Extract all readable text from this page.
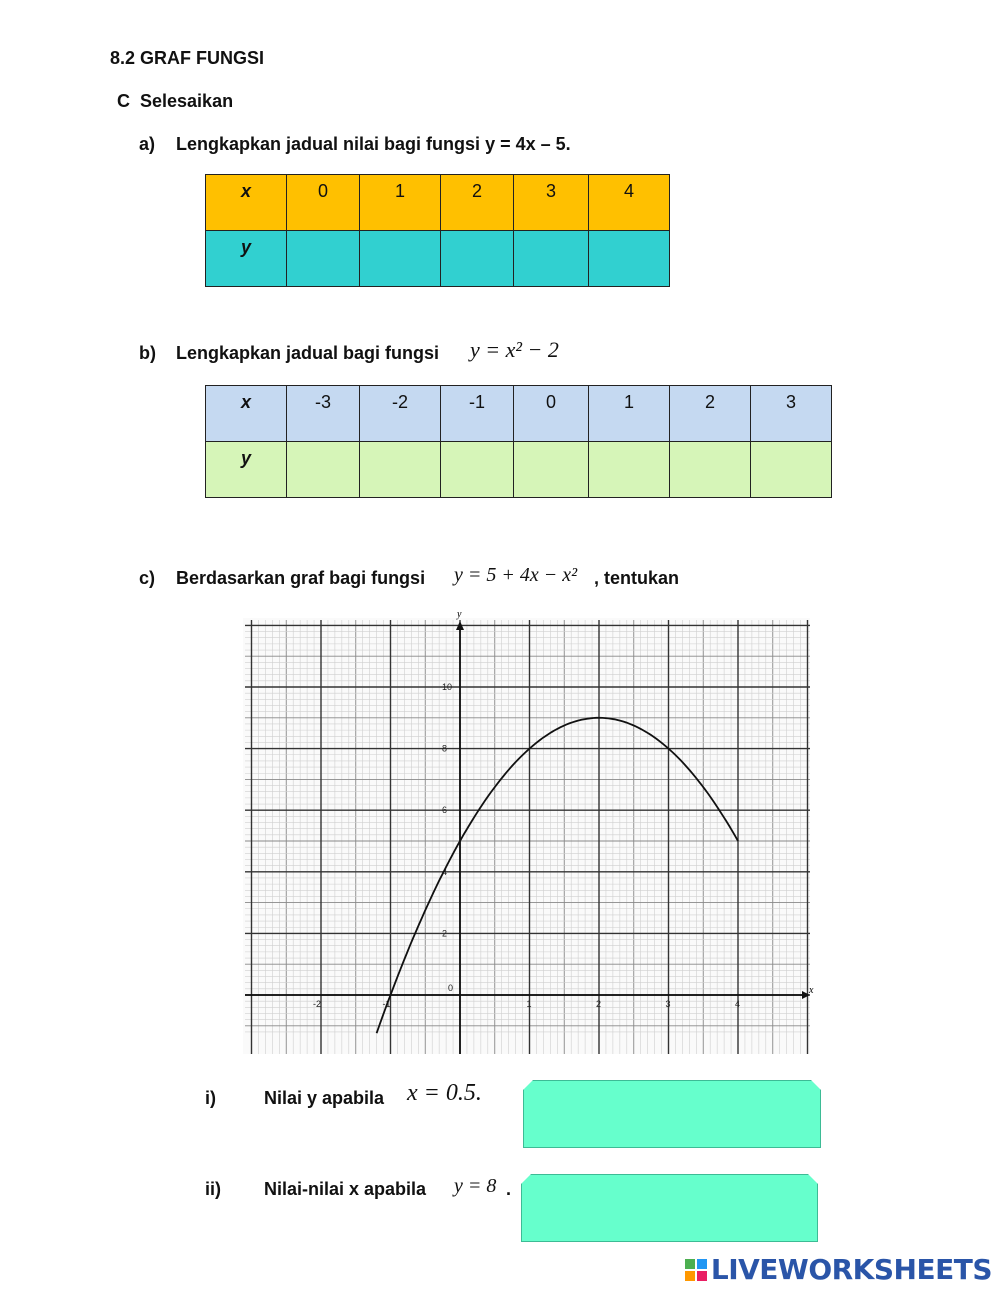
8.2 GRAF FUNGSI
C  Selesaikan
a) Lengkapkan jadual nilai bagi fungsi y = 4x – 5.
x	0	1	2	3	4

y					

b) Lengkapkan jadual bagi fungsi y = x² − 2
x	-3	-2	-1	0	1	2	3

y							

c) Berdasarkan graf bagi fungsi y = 5 + 4x − x² , tentukan
x
y
-2	-1
0
1	2	3	4
2
4
6
8
10
i)	Nilai y apabila x = 0.5.
ii) Nilai-nilai x apabila y = 8 .
LIVEWORKSHEETS
